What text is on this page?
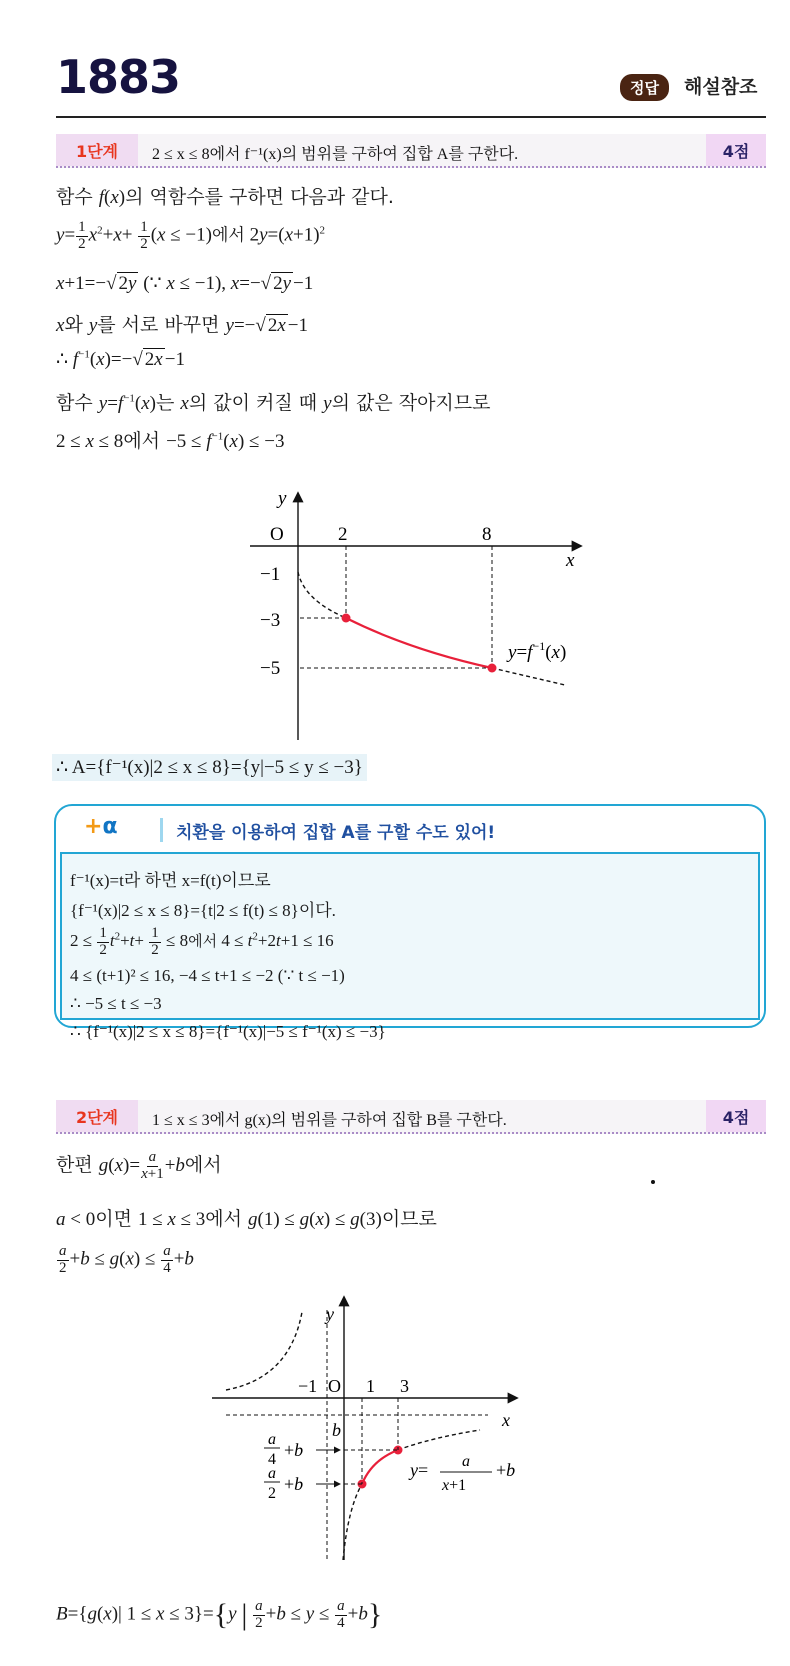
1883	정답	해설참조
1단계	2 ≤ x ≤ 8에서 f⁻¹(x)의 범위를 구하여 집합 A를 구한다.	4점
함수 f(x)의 역함수를 구하면 다음과 같다.
$y= \frac{1}{2} x^2+x+ \frac{1}{2} (x \le -1)$에서 $2y=(x+1)^2$
x+1=−√ 2y (∵ x ≤ −1), x=−√ 2y −1
x와 y를 서로 바꾸면 y=−√ 2x −1
∴ $f^{-1}(x)=-√$ 2x −1
함수 $y=f^{-1}(x)$는 x의 값이 커질 때 y의 값은 작아지므로
2 ≤ x ≤ 8에서 $-5 \le f^{-1}(x) \le -3$
y
x
O	2	8
−1
−3
−5
$y=f^{-1}(x)$
∴ A={f⁻¹(x)|2 ≤ x ≤ 8}={y|−5 ≤ y ≤ −3}
+α	치환을 이용하여 집합 A를 구할 수도 있어!
f⁻¹(x)=t라 하면 x=f(t)이므로
{f⁻¹(x)|2 ≤ x ≤ 8}={t|2 ≤ f(t) ≤ 8}이다.
$2 \le \frac{1}{2} t^2+t+ \frac{1}{2} \le 8$에서 $4 \le t^2+2t+1 \le 16$
4 ≤ (t+1)² ≤ 16, −4 ≤ t+1 ≤ −2 (∵ t ≤ −1)
∴ −5 ≤ t ≤ −3
∴ {f⁻¹(x)|2 ≤ x ≤ 8}={f⁻¹(x)|−5 ≤ f⁻¹(x) ≤ −3}
2단계	1 ≤ x ≤ 3에서 g(x)의 범위를 구하여 집합 B를 구한다.	4점
한편 $g(x)= \frac{a}{x+1} +b$에서
a < 0이면 1 ≤ x ≤ 3에서 g(1) ≤ g(x) ≤ g(3)이므로
$\frac{a}{2} +b \le g(x) \le \frac{a}{4} +b$
y
x
−1 O 1 3
b
a
4 +b
a
2 +b
y= a
x+1
+b
B={g(x)| 1 ≤ x ≤ 3}={y | $\frac{a}{2} +b \le y \le \frac{a}{4} +b$}
